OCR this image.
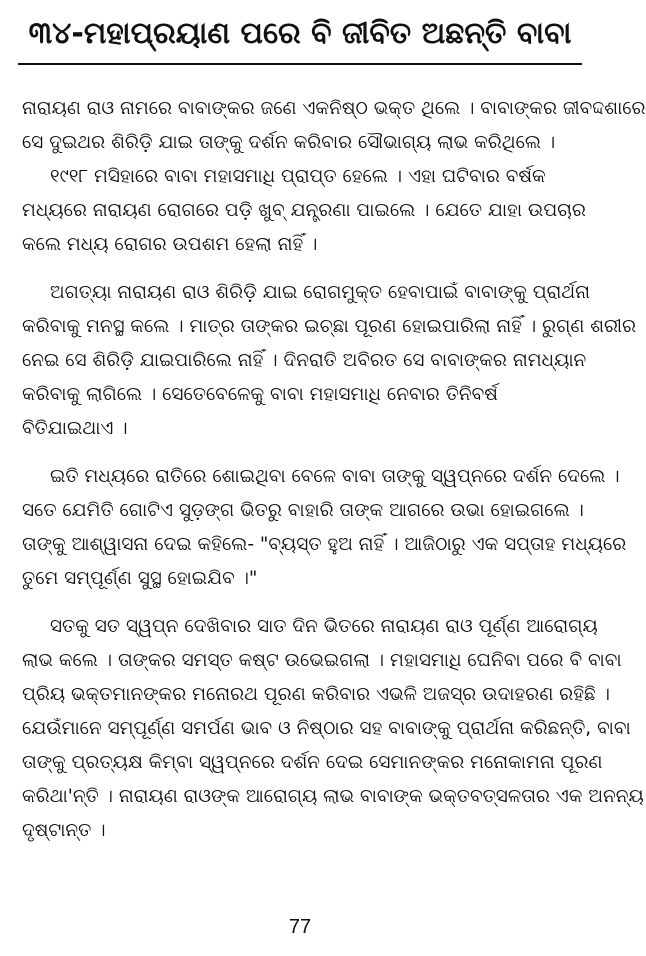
୩୪-ମହାପ୍ରୟାଣ ପରେ ବି ଜୀବିତ ଅଛନ୍ତି ବାବା

ନାରାୟଣ ରାଓ ନାମରେ ବାବାଙ୍କର ଜଣେ ଏକନିଷ୍ଠ ଭକ୍ତ ଥିଲେ । ବାବାଙ୍କର ଜୀବଦ୍ଦଶାରେ
ସେ ଦୁଇଥର ଶିରିଡ଼ି ଯାଇ ତାଙ୍କୁ ଦର୍ଶନ କରିବାର ସୌଭାଗ୍ୟ ଲାଭ କରିଥିଲେ ।
୧୯୧୮ ମସିହାରେ ବାବା ମହାସମାଧି ପ୍ରାପ୍ତ ହେଲେ । ଏହା ଘଟିବାର ବର୍ଷକ
ମଧ୍ୟରେ ନାରାୟଣ ରୋଗରେ ପଡ଼ି ଖୁବ୍ ଯନ୍ତ୍ରଣା ପାଇଲେ । ଯେତେ ଯାହା ଉପଚାର
କଲେ ମଧ୍ୟ ରୋଗର ଉପଶମ ହେଲା ନାହିଁ ।

ଅଗତ୍ୟା ନାରାୟଣ ରାଓ ଶିରିଡ଼ି ଯାଇ ରୋଗମୁକ୍ତ ହେବାପାଇଁ ବାବାଙ୍କୁ ପ୍ରାର୍ଥନା
କରିବାକୁ ମନସ୍ଥ କଲେ । ମାତ୍ର ତାଙ୍କର ଇଚ୍ଛା ପୂରଣ ହୋଇପାରିଲା ନାହିଁ । ରୁଗ୍ଣ ଶରୀର
ନେଇ ସେ ଶିରିଡ଼ି ଯାଇପାରିଲେ ନାହିଁ । ଦିନରାତି ଅବିରତ ସେ ବାବାଙ୍କର ନାମଧ୍ୟାନ
କରିବାକୁ ଲାଗିଲେ । ସେତେବେଳେକୁ ବାବା ମହାସମାଧି ନେବାର ତିନିବର୍ଷ
ବିତିଯାଇଥାଏ ।

ଇତି ମଧ୍ୟରେ ରାତିରେ ଶୋଇଥିବା ବେଳେ ବାବା ତାଙ୍କୁ ସ୍ୱପ୍ନରେ ଦର୍ଶନ ଦେଲେ ।
ସତେ ଯେମିତି ଗୋଟିଏ ସୁଡ଼ଙ୍ଗ ଭିତରୁ ବାହାରି ତାଙ୍କ ଆଗରେ ଉଭା ହୋଇଗଲେ ।
ତାଙ୍କୁ ଆଶ୍ୱାସନା ଦେଇ କହିଲେ- "ବ୍ୟସ୍ତ ହୁଅ ନାହିଁ । ଆଜିଠାରୁ ଏକ ସପ୍ତାହ ମଧ୍ୟରେ
ତୁମେ ସମ୍ପୂର୍ଣ୍ଣ ସୁସ୍ଥ ହୋଇଯିବ ।"

ସତକୁ ସତ ସ୍ୱପ୍ନ ଦେଖିବାର ସାତ ଦିନ ଭିତରେ ନାରାୟଣ ରାଓ ପୂର୍ଣ୍ଣ ଆରୋଗ୍ୟ
ଲାଭ କଲେ । ତାଙ୍କର ସମସ୍ତ କଷ୍ଟ ଉଭେଇଗଲା । ମହାସମାଧି ଘେନିବା ପରେ ବି ବାବା
ପ୍ରିୟ ଭକ୍ତମାନଙ୍କର ମନୋରଥ ପୂରଣ କରିବାର ଏଭଳି ଅଜସ୍ର ଉଦାହରଣ ରହିଛି ।
ଯେଉଁମାନେ ସମ୍ପୂର୍ଣ୍ଣ ସମର୍ପଣ ଭାବ ଓ ନିଷ୍ଠାର ସହ ବାବାଙ୍କୁ ପ୍ରାର୍ଥନା କରିଛନ୍ତି, ବାବା
ତାଙ୍କୁ ପ୍ରତ୍ୟକ୍ଷ କିମ୍ବା ସ୍ୱପ୍ନରେ ଦର୍ଶନ ଦେଇ ସେମାନଙ୍କର ମନୋକାମନା ପୂରଣ
କରିଥା'ନ୍ତି । ନାରାୟଣ ରାଓଙ୍କ ଆରୋଗ୍ୟ ଲାଭ ବାବାଙ୍କ ଭକ୍ତବତ୍ସଳତାର ଏକ ଅନନ୍ୟ
ଦୃଷ୍ଟାନ୍ତ ।

77
